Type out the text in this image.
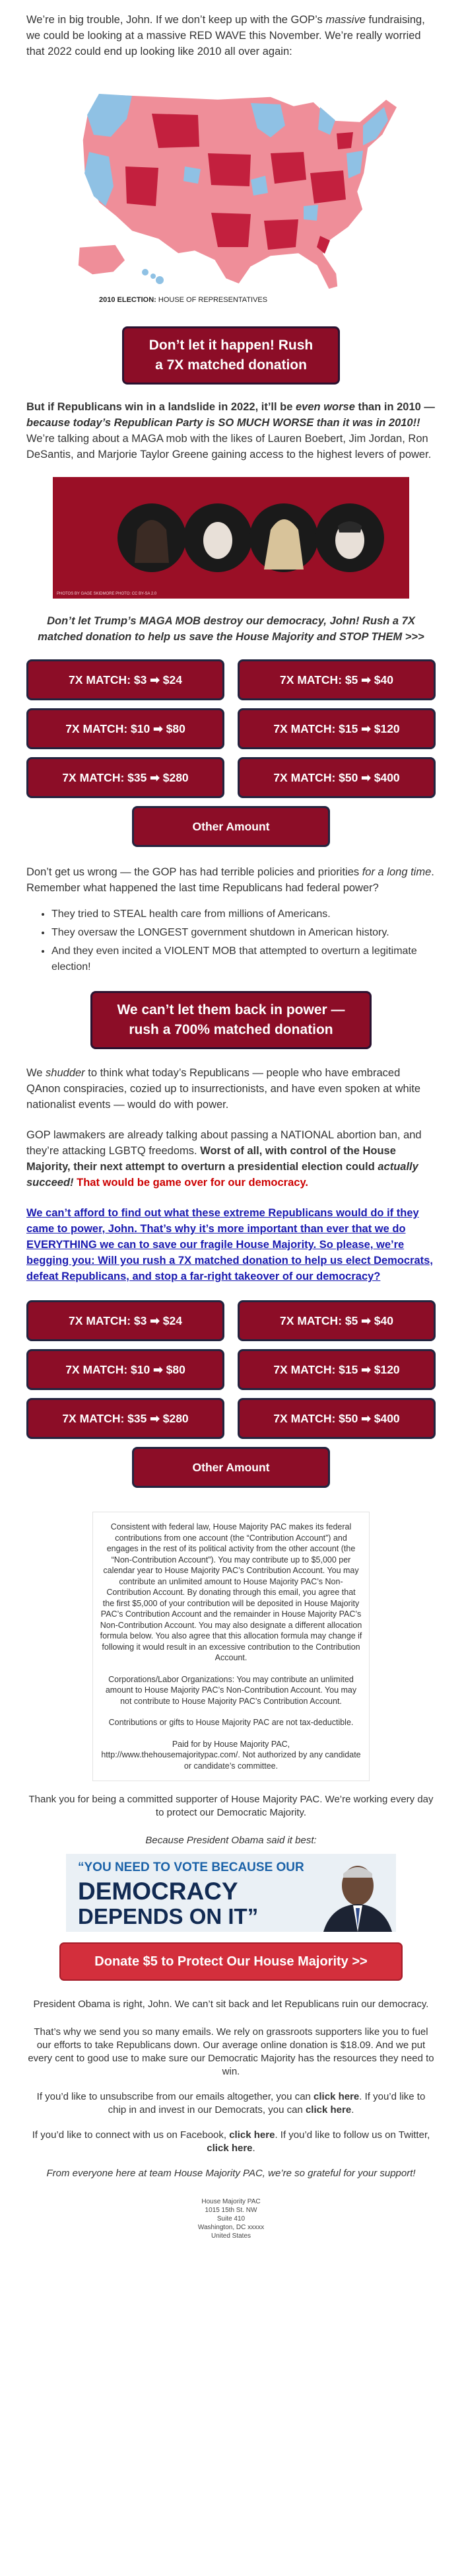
We’re in big trouble, John. If we don’t keep up with the GOP’s massive fundraising, we could be looking at a massive RED WAVE this November. We’re really worried that 2022 could end up looking like 2010 all over again:

2010 ELECTION: HOUSE OF REPRESENTATIVES
Don’t let it happen! Rush
a 7X matched donation

But if Republicans win in a landslide in 2022, it’ll be even worse than in 2010 — because today’s Republican Party is SO MUCH WORSE than it was in 2010!! We’re talking about a MAGA mob with the likes of Lauren Boebert, Jim Jordan, Ron DeSantis, and Marjorie Taylor Greene gaining access to the highest levers of power.

PHOTOS BY GAGE SKIDMORE PHOTO: CC BY-SA 2.0

Don’t let Trump’s MAGA MOB destroy our democracy, John! Rush a 7X matched donation to help us save the House Majority and STOP THEM >>>

7X MATCH: $3 ➡ $24	7X MATCH: $5 ➡ $40
7X MATCH: $10 ➡ $80	7X MATCH: $15 ➡ $120
7X MATCH: $35 ➡ $280	7X MATCH: $50 ➡ $400
Other Amount

Don’t get us wrong — the GOP has had terrible policies and priorities for a long time. Remember what happened the last time Republicans had federal power?

• They tried to STEAL health care from millions of Americans.
• They oversaw the LONGEST government shutdown in American history.
• And they even incited a VIOLENT MOB that attempted to overturn a legitimate election!
We can’t let them back in power —
rush a 700% matched donation

We shudder to think what today’s Republicans — people who have embraced QAnon conspiracies, cozied up to insurrectionists, and have even spoken at white nationalist events — would do with power.

GOP lawmakers are already talking about passing a NATIONAL abortion ban, and they’re attacking LGBTQ freedoms. Worst of all, with control of the House Majority, their next attempt to overturn a presidential election could actually succeed! That would be game over for our democracy.

We can’t afford to find out what these extreme Republicans would do if they came to power, John. That’s why it’s more important than ever that we do EVERYTHING we can to save our fragile House Majority. So please, we’re begging you: Will you rush a 7X matched donation to help us elect Democrats, defeat Republicans, and stop a far-right takeover of our democracy?

7X MATCH: $3 ➡ $24	7X MATCH: $5 ➡ $40
7X MATCH: $10 ➡ $80	7X MATCH: $15 ➡ $120
7X MATCH: $35 ➡ $280	7X MATCH: $50 ➡ $400
Other Amount

Consistent with federal law, House Majority PAC makes its federal contributions from one account (the “Contribution Account”) and engages in the rest of its political activity from the other account (the “Non-Contribution Account”). You may contribute up to $5,000 per calendar year to House Majority PAC’s Contribution Account. You may contribute an unlimited amount to House Majority PAC’s Non-Contribution Account. By donating through this email, you agree that the first $5,000 of your contribution will be deposited in House Majority PAC’s Contribution Account and the remainder in House Majority PAC’s Non-Contribution Account. You may also designate a different allocation formula below. You also agree that this allocation formula may change if following it would result in an excessive contribution to the Contribution Account.

Corporations/Labor Organizations: You may contribute an unlimited amount to House Majority PAC’s Non-Contribution Account. You may not contribute to House Majority PAC’s Contribution Account.

Contributions or gifts to House Majority PAC are not tax-deductible.

Paid for by House Majority PAC,

http://www.thehousemajoritypac.com/. Not authorized by any candidate or candidate’s committee.

Thank you for being a committed supporter of House Majority PAC. We’re working every day to protect our Democratic Majority.

Because President Obama said it best:

“YOU NEED TO VOTE BECAUSE OUR
DEMOCRACY
DEPENDS ON IT”
Donate $5 to Protect Our House Majority >>

President Obama is right, John. We can’t sit back and let Republicans ruin our democracy.

That’s why we send you so many emails. We rely on grassroots supporters like you to fuel our efforts to take Republicans down. Our average online donation is $18.09. And we put every cent to good use to make sure our Democratic Majority has the resources they need to win.

If you’d like to unsubscribe from our emails altogether, you can click here. If you’d like to chip in and invest in our Democrats, you can click here.

If you’d like to connect with us on Facebook, click here. If you’d like to follow us on Twitter, click here.

From everyone here at team House Majority PAC, we’re so grateful for your support!

House Majority PAC
1015 15th St. NW
Suite 410
Washington, DC xxxxx
United States
